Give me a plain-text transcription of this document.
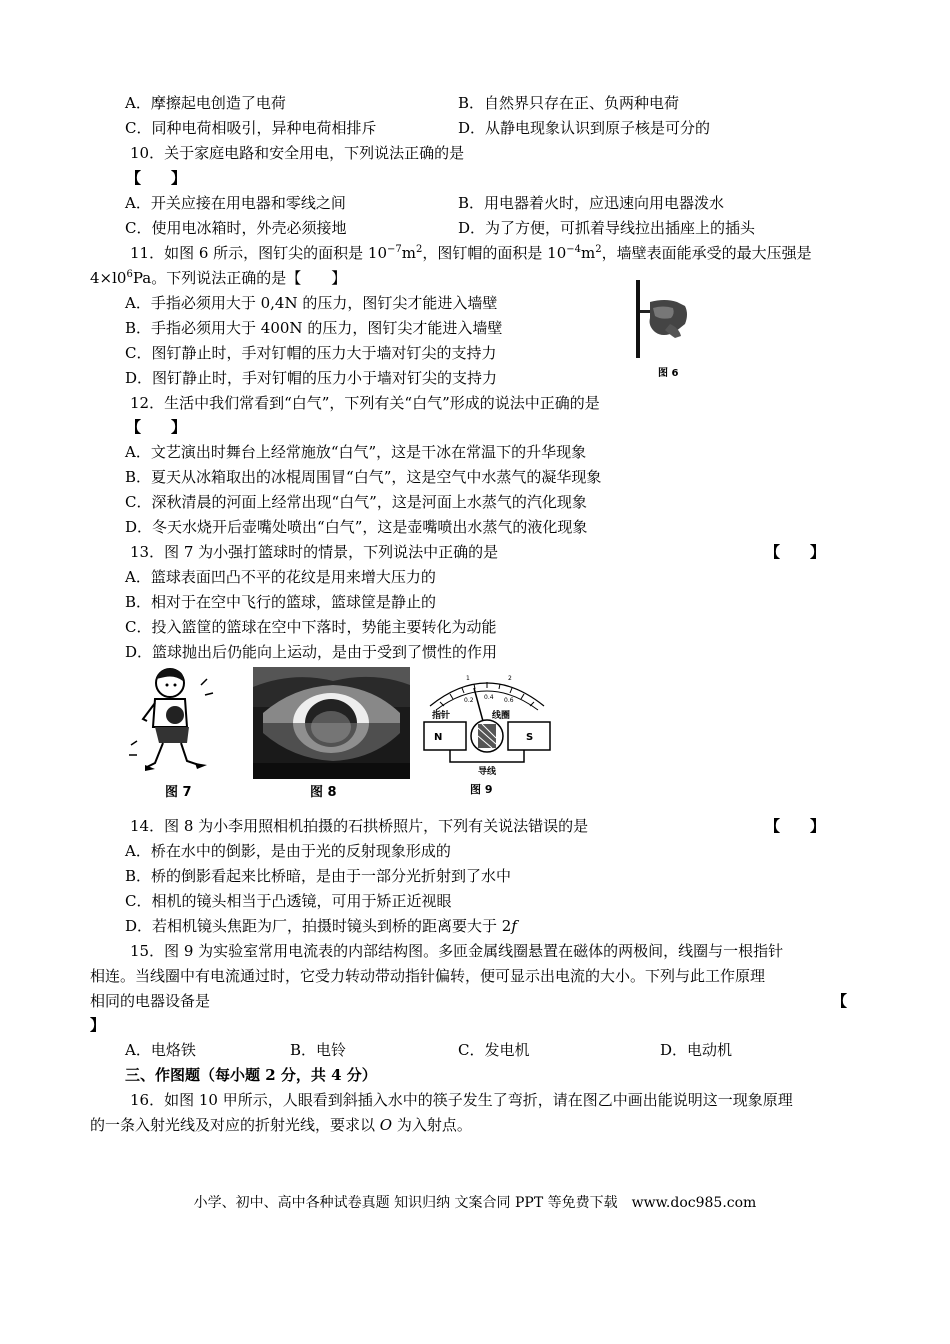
A．摩擦起电创造了电荷	B．自然界只存在正、负两种电荷
C．同种电荷相吸引，异种电荷相排斥	D．从静电现象认识到原子核是可分的
10．关于家庭电路和安全用电，下列说法正确的是
【　　】
A．开关应接在用电器和零线之间	B．用电器着火时，应迅速向用电器泼水
C．使用电冰箱时，外壳必须接地	D．为了方便，可抓着导线拉出插座上的插头
11．如图 6 所示，图钉尖的面积是 $10^{-7}m^2$，图钉帽的面积是 $10^{-4}m^2$，墙壁表面能承受的最大压强是
$4\times l0^6Pa$。下列说法正确的是【　　】
A．手指必须用大于 0,4N 的压力，图钉尖才能进入墙壁
B．手指必须用大于 400N 的压力，图钉尖才能进入墙壁
C．图钉静止时，手对钉帽的压力大于墙对钉尖的支持力
D．图钉静止时，手对钉帽的压力小于墙对钉尖的支持力	图 6
12．生活中我们常看到“白气”，下列有关“白气”形成的说法中正确的是
【　　】
A．文艺演出时舞台上经常施放“白气”，这是干冰在常温下的升华现象
B．夏天从冰箱取出的冰棍周围冒“白气”，这是空气中水蒸气的凝华现象
C．深秋清晨的河面上经常出现“白气”，这是河面上水蒸气的汽化现象
D．冬天水烧开后壶嘴处喷出“白气”，这是壶嘴喷出水蒸气的液化现象
13．图 7 为小强打篮球时的情景，下列说法中正确的是	【　　】
A．篮球表面凹凸不平的花纹是用来增大压力的
B．相对于在空中飞行的篮球，篮球筐是静止的
C．投入篮筐的篮球在空中下落时，势能主要转化为动能
D．篮球抛出后仍能向上运动，是由于受到了惯性的作用
图 7	图 8
0.2 0.4 0.6
1	2
指针	线圈
N	S
导线
图 9
14．图 8 为小李用照相机拍摄的石拱桥照片，下列有关说法错误的是	【　　】
A．桥在水中的倒影，是由于光的反射现象形成的
B．桥的倒影看起来比桥暗，是由于一部分光折射到了水中
C．相机的镜头相当于凸透镜，可用于矫正近视眼
D．若相机镜头焦距为厂，拍摄时镜头到桥的距离要大于 2f
15．图 9 为实验室常用电流表的内部结构图。多匝金属线圈悬置在磁体的两极间，线圈与一根指针
相连。当线圈中有电流通过时，它受力转动带动指针偏转，便可显示出电流的大小。下列与此工作原理
相同的电器设备是	【
】
A．电烙铁	B．电铃	C．发电机	D．电动机
三、作图题（每小题 2 分，共 4 分）
16．如图 10 甲所示，人眼看到斜插入水中的筷子发生了弯折，请在图乙中画出能说明这一现象原理
的一条入射光线及对应的折射光线，要求以 O 为入射点。
小学、初中、高中各种试卷真题 知识归纳 文案合同 PPT 等免费下载　www.doc985.com
